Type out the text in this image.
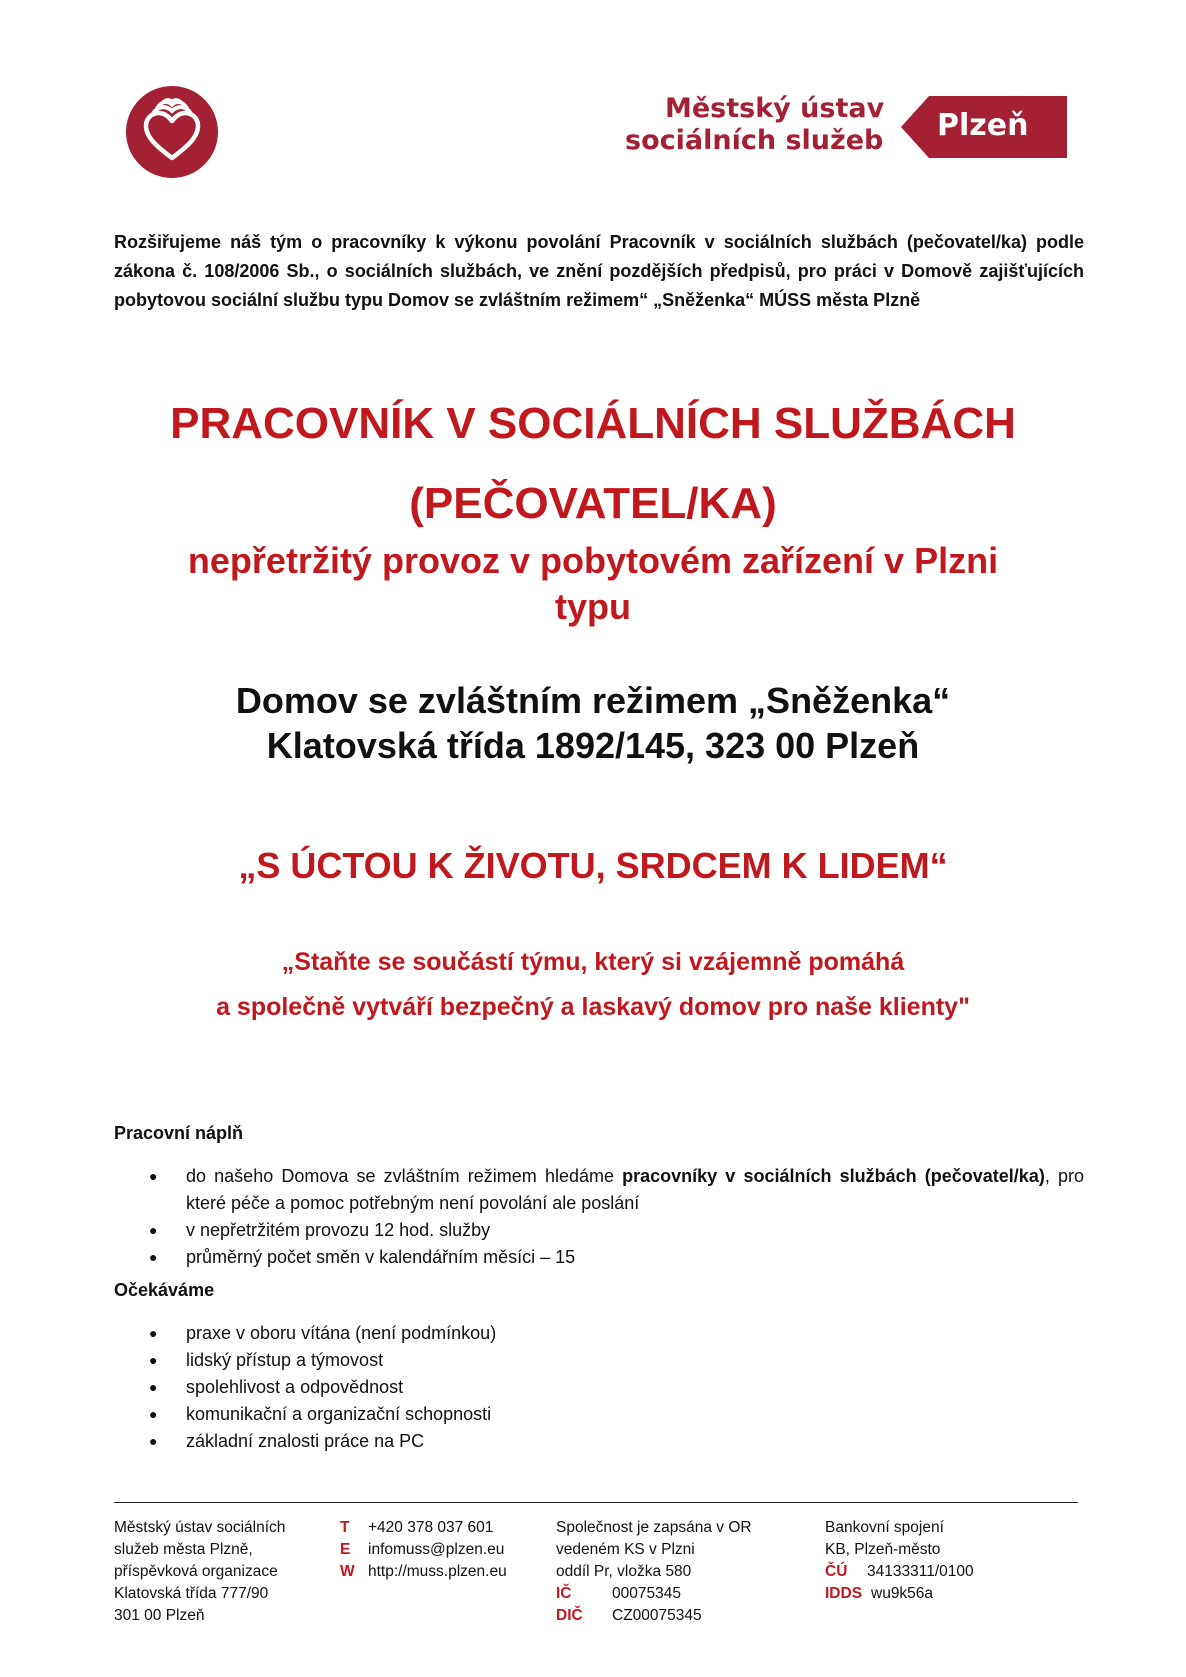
Městský ústav
sociálních služeb Plzeň
Rozšiřujeme náš tým o pracovníky k výkonu povolání Pracovník v sociálních službách (pečovatel/ka) podle zákona č. 108/2006 Sb., o sociálních službách, ve znění pozdějších předpisů, pro práci v Domově zajišťujících pobytovou sociální službu typu Domov se zvláštním režimem“ „Sněženka“ MÚSS města Plzně
PRACOVNÍK V SOCIÁLNÍCH SLUŽBÁCH
(PEČOVATEL/KA)
nepřetržitý provoz v pobytovém zařízení v Plzni
typu
Domov se zvláštním režimem „Sněženka“
Klatovská třída 1892/145, 323 00 Plzeň
„S ÚCTOU K ŽIVOTU, SRDCEM K LIDEM“
„Staňte se součástí týmu, který si vzájemně pomáhá
a společně vytváří bezpečný a laskavý domov pro naše klienty"
Pracovní náplň
● do našeho Domova se zvláštním režimem hledáme pracovníky v sociálních službách (pečovatel/ka), pro které péče a pomoc potřebným není povolání ale poslání
● v nepřetržitém provozu 12 hod. služby
● průměrný počet směn v kalendářním měsíci – 15
Očekáváme
● praxe v oboru vítána (není podmínkou)
● lidský přístup a týmovost
● spolehlivost a odpovědnost
● komunikační a organizační schopnosti
● základní znalosti práce na PC
Městský ústav sociálních
služeb města Plzně,
příspěvková organizace
Klatovská třída 777/90
301 00 Plzeň
T +420 378 037 601
E infomuss@plzen.eu
W http://muss.plzen.eu
Společnost je zapsána v OR
vedeném KS v Plzni
oddíl Pr, vložka 580
IČ	00075345
DIČ CZ00075345
Bankovní spojení
KB, Plzeň-město
ČÚ 34133311/0100
IDDS wu9k56a
